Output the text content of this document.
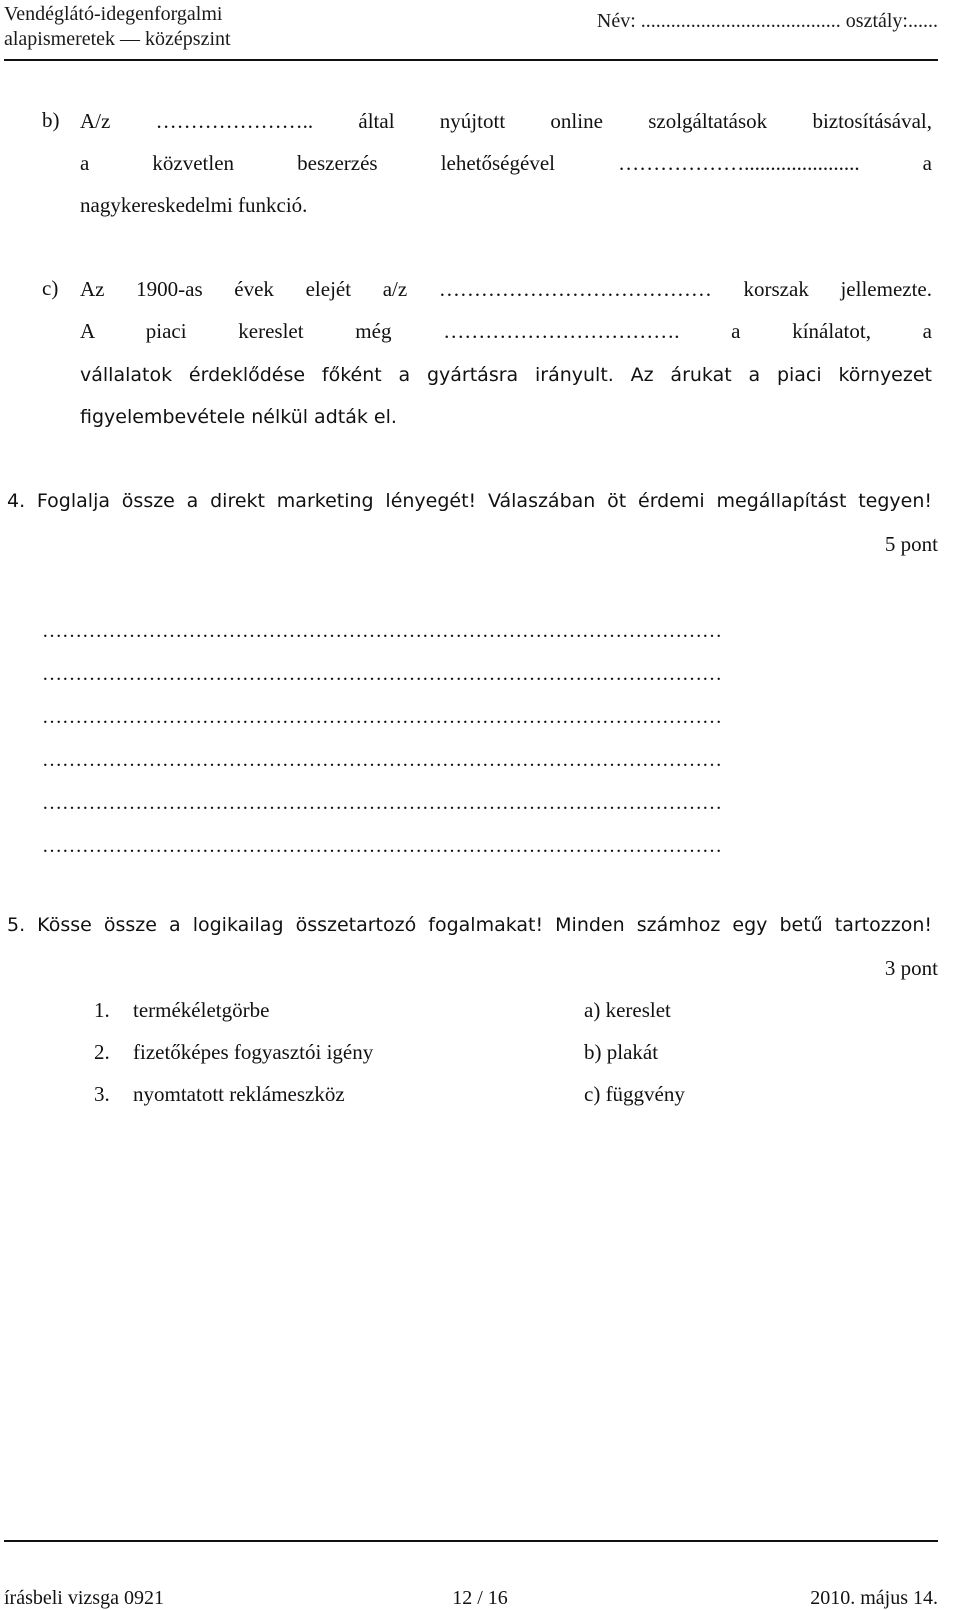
Vendéglátó-idegenforgalmi
alapismeretek — középszint
Név: ........................................ osztály:......
b) A/z ………………….. által nyújtott online szolgáltatások biztosításával,
a közvetlen beszerzés lehetőségével ………………...................... a
nagykereskedelmi funkció.
c) Az 1900-as évek elejét a/z ………………………………… korszak jellemezte.
A piaci kereslet még ……………………………. a kínálatot, a
vállalatok érdeklődése főként a gyártásra irányult. Az árukat a piaci környezet
figyelembevétele nélkül adták el.
4. Foglalja össze a direkt marketing lényegét! Válaszában öt érdemi megállapítást tegyen!
5 pont
…………………………………………………………………………………………
…………………………………………………………………………………………
…………………………………………………………………………………………
…………………………………………………………………………………………
…………………………………………………………………………………………
…………………………………………………………………………………………
5. Kösse össze a logikailag összetartozó fogalmakat! Minden számhoz egy betű tartozzon!
3 pont
1. termékéletgörbe	a) kereslet
2. fizetőképes fogyasztói igény	b) plakát
3. nyomtatott reklámeszköz	c) függvény
írásbeli vizsga 0921	12 / 16	2010. május 14.
